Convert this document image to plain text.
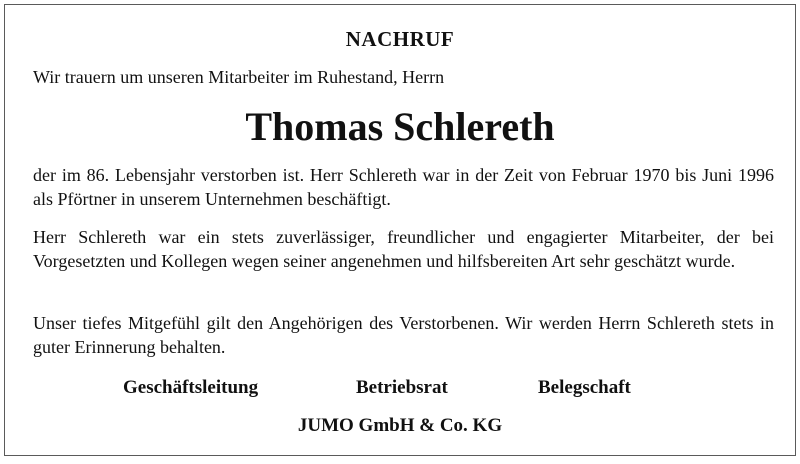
NACHRUF
Wir trauern um unseren Mitarbeiter im Ruhestand, Herrn
Thomas Schlereth
der im 86. Lebensjahr verstorben ist. Herr Schlereth war in der Zeit von Februar 1970 bis Juni 1996 als Pförtner in unserem Unternehmen beschäftigt.
Herr Schlereth war ein stets zuverlässiger, freundlicher und engagierter Mitarbeiter, der bei Vorgesetzten und Kollegen wegen seiner angenehmen und hilfsbereiten Art sehr geschätzt wurde.
Unser tiefes Mitgefühl gilt den Angehörigen des Verstorbenen. Wir werden Herrn Schlereth stets in guter Erinnerung behalten.
Geschäftsleitung	Betriebsrat	Belegschaft
JUMO GmbH & Co. KG
